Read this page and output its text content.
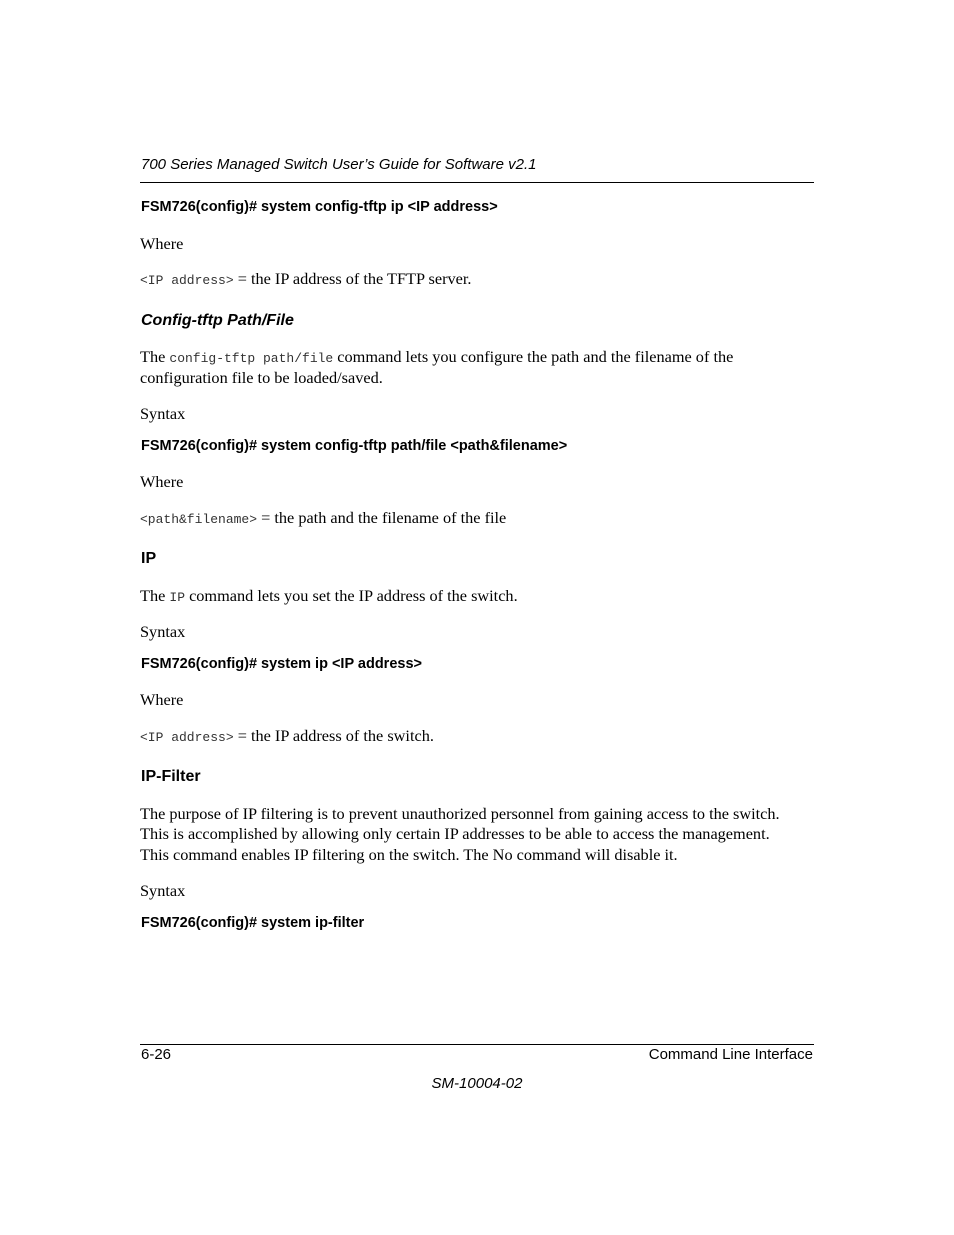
700 Series Managed Switch User’s Guide for Software v2.1
FSM726(config)# system config-tftp ip <IP address>
Where
<IP address> = the IP address of the TFTP server.
Config-tftp Path/File
The config-tftp path/file command lets you configure the path and the filename of the
configuration file to be loaded/saved.
Syntax
FSM726(config)# system config-tftp path/file <path&filename>
Where
<path&filename> = the path and the filename of the file
IP
The IP command lets you set the IP address of the switch.
Syntax
FSM726(config)# system ip <IP address>
Where
<IP address> = the IP address of the switch.
IP-Filter
The purpose of IP filtering is to prevent unauthorized personnel from gaining access to the switch.
This is accomplished by allowing only certain IP addresses to be able to access the management.
This command enables IP filtering on the switch. The No command will disable it.
Syntax
FSM726(config)# system ip-filter
6-26	Command Line Interface
SM-10004-02
